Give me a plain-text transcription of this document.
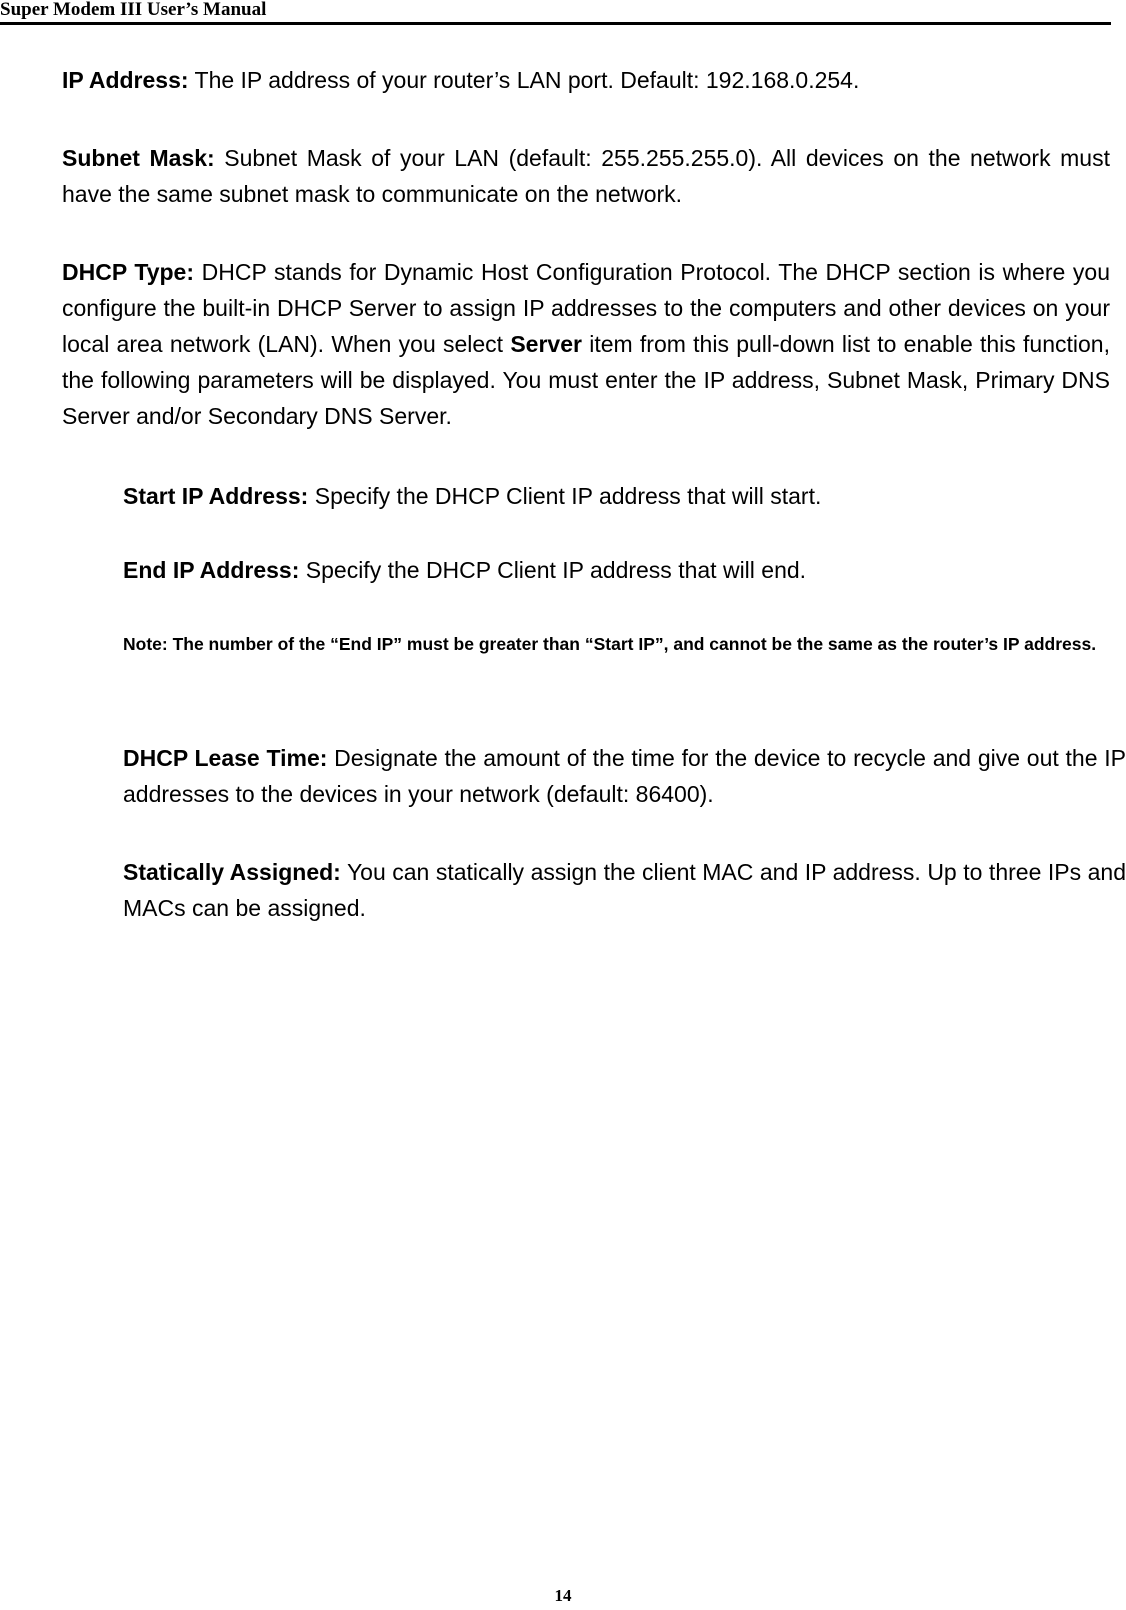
Super Modem III User’s Manual

IP Address: The IP address of your router’s LAN port. Default: 192.168.0.254.

Subnet Mask: Subnet Mask of your LAN (default: 255.255.255.0). All devices on the network must have the same subnet mask to communicate on the network.

DHCP Type: DHCP stands for Dynamic Host Configuration Protocol. The DHCP section is where you configure the built-in DHCP Server to assign IP addresses to the computers and other devices on your local area network (LAN). When you select Server item from this pull-down list to enable this function, the following parameters will be displayed. You must enter the IP address, Subnet Mask, Primary DNS Server and/or Secondary DNS Server.

Start IP Address: Specify the DHCP Client IP address that will start.

End IP Address: Specify the DHCP Client IP address that will end.

Note: The number of the “End IP” must be greater than “Start IP”, and cannot be the same as the router’s IP address.

DHCP Lease Time: Designate the amount of the time for the device to recycle and give out the IP addresses to the devices in your network (default: 86400).

Statically Assigned: You can statically assign the client MAC and IP address. Up to three IPs and MACs can be assigned.

14
